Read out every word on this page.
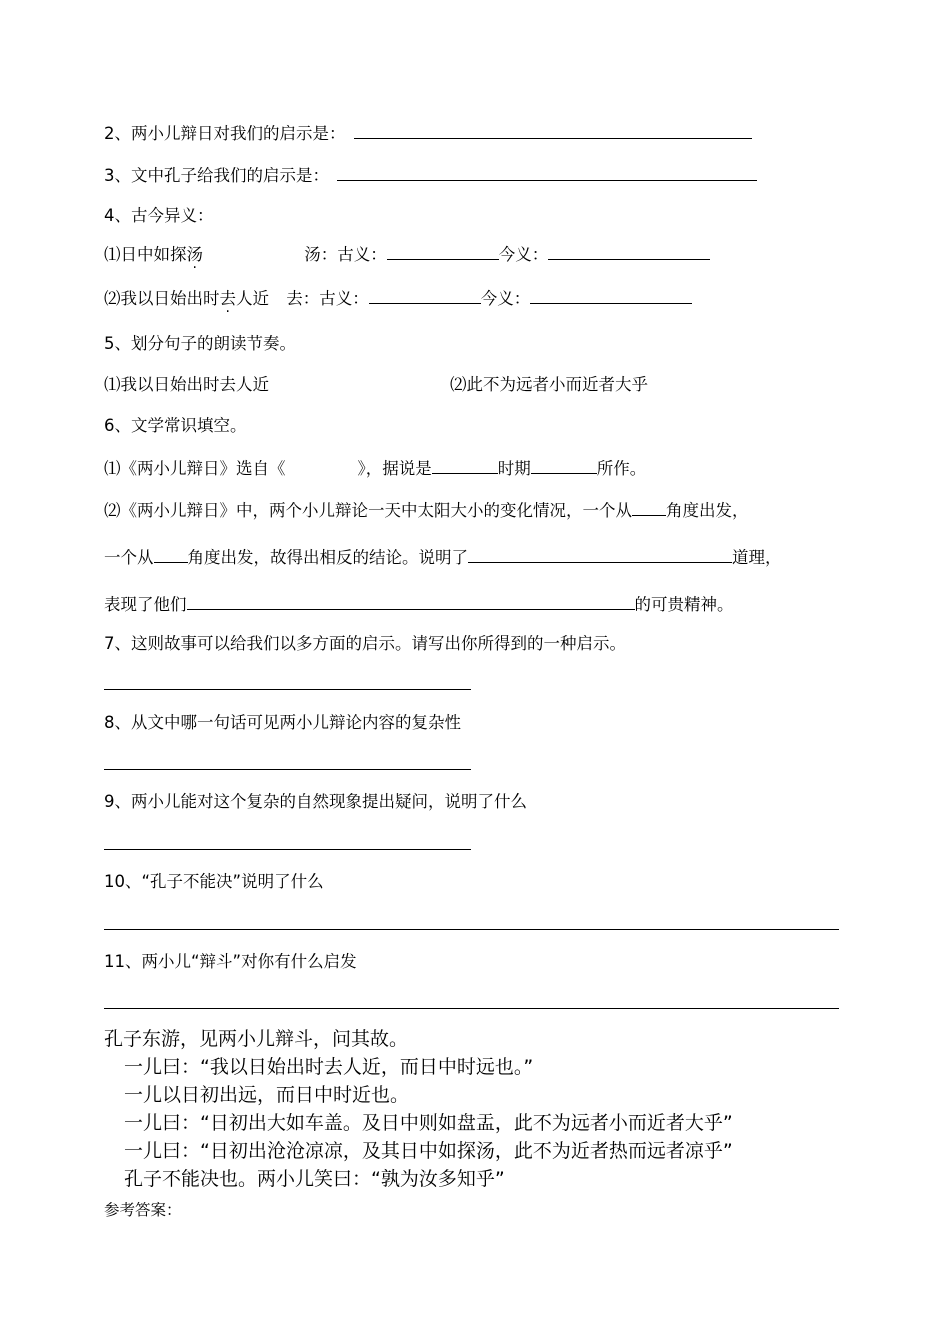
2、两小儿辩日对我们的启示是：
3、文中孔子给我们的启示是：
4、古今异义：
⑴日中如探汤	汤：古义：	今义：
⑵我以日始出时去人近 去：古义：	今义：
5、划分句子的朗读节奏。
⑴我以日始出时去人近	⑵此不为远者小而近者大乎
6、文学常识填空。
⑴《两小儿辩日》选自《	》，据说是	时期	所作。
⑵《两小儿辩日》中，两个小儿辩论一天中太阳大小的变化情况，一个从 角度出发，
一个从 角度出发，故得出相反的结论。说明了	道理，
表现了他们	的可贵精神。
7、这则故事可以给我们以多方面的启示。请写出你所得到的一种启示。
8、从文中哪一句话可见两小儿辩论内容的复杂性
9、两小儿能对这个复杂的自然现象提出疑问，说明了什么
10、“孔子不能决”说明了什么
11、两小儿“辩斗”对你有什么启发
孔子东游，见两小儿辩斗，问其故。
一儿曰：“我以日始出时去人近，而日中时远也。”
一儿以日初出远，而日中时近也。
一儿曰：“日初出大如车盖。及日中则如盘盂，此不为远者小而近者大乎”
一儿曰：“日初出沧沧凉凉，及其日中如探汤，此不为近者热而远者凉乎”
孔子不能决也。两小儿笑曰：“孰为汝多知乎”
参考答案：
